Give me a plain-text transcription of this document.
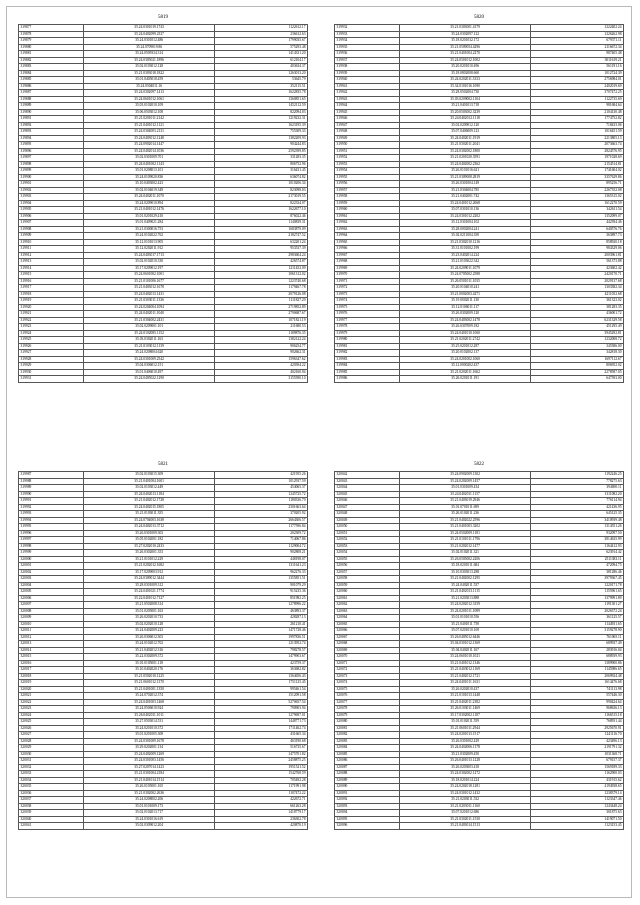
5819
319877	35.24.0301019.1743	1122612.17
319878	35.24.0402099.2337	236612.63
319879	35.24.0301012.486	1799035.67
319880	35.24.0709019.86	575293.48
319881	35.24.0509334.314	1414331.20
319882	35.24.0305021.1896	612104.17
319883	35.02.0103012.128	403634.37
319884	35.21.0303018.1822	1263013.20
319885	35.01.0405018.459	53645.79
319886	35.24.0504011.16	352115.51
319887	35.24.0302097.1413	1622835.78
319888	35.24.0601012.1061	1360851.65
319889	35.03.0102010.109	1452112.59
319890	35.06.0503012.108	822094.03
319891	35.21.0201011.2142	1219232.31
319892	35.21.0401012.1121	1623195.39
319893	35.24.0304003.2131	755309.33
319894	35.24.0403012.1248	1382209.93
319895	35.24.0902014.1447	904244.83
319896	35.24.0402014.1036	2592399.85
319897	35.02.0301009.701	331283.35
319898	35.24.0401002.1143	806752.96
319899	35.01.0208013.101	316431.45
319900	35.24.0109020.836	636074.82
319901	35.10.0403002.423	1010206.34
319902	35.02.0104019.349	823098.03
319903	35.24.0402011.1070	2173019.55
319904	35.24.0209010.894	822334.07
319905	35.21.0401012.1476	1622677.10
319906	35.01.0201029.410	876022.46
319907	35.01.0409021.284	1140839.31
319908	35.21.0300016.753	1683879.09
319909	35.24.0102022.762	2182747.52
319910	35.12.0101013.905	632201.24
319911	35.12.0202011.912	953537.39
319912	35.24.0403017.1713	2983604.24
319913	35.02.0102010.330	426574.87
319914	35.17.0209012.197	1211452.09
319915	35.24.0601002.1001	1061312.02
319916	35.21.0101006.1677	1223740.68
319917	35.21.0403012.1678	1179467.78
319918	35.24.0402013.1431	2079126.08
319919	35.21.0303011.1336	1111827.29
319920	35.24.0204004.1094	2719852.89
319921	35.24.0402011.1040	2790687.67
319922	35.21.0304002.2431	1071821.19
319923	35.02.0209001.101	211680.53
319924	35.24.0102085.1152	1189876.35
319925	35.03.0302011.163	1382122.24
319926	35.21.0103012.1139	906254.77
319927	35.24.0208004.620	902662.31
319928	35.24.0301009.2542	1596347.62
319929	35.04.0306012.151	420394.22
319930	35.01.0406010.497	402160.94
319931	35.24.0405022.1290	3155390.10
5820
319932	35.21.0303001.4179	1222402.24
319933	35.24.0302097.122	1226262.98
319934	35.18.0201032.172	679371.11
319935	35.21.0509054.4296	2116672.34
319936	35.21.0401004.2270	987405.48
319937	35.24.0501012.1002	3011619.21
319938	35.20.0201010.496	561191.16
319939	35.18.0802008.660	1012724.39
319940	35.24.0202011.3333	2756984.01
319941	35.34.0101016.1690	2402019.69
319942	35.28.0502004.730	3707472.25
319943	35.03.0209002.1104	1122735.69
319944	35.21.0401013.718	981684.64
319945	35.20.0503002.3239	2104130.48
319946	35.24.0402012.1118	1774752.82
319947	35.02.0209012.120	718433.06
319948	35.07.0406009.123	1016451.59
319949	35.24.0402011.1919	2213805.13
319950	35.21.0302011.2041	2073663.74
319951	35.24.0302002.1800	2824576.95
319952	35.21.0201020.3591	1971028.69
319953	35.24.0402002.2362	2154514.81
319954	35.26.0101016.621	1741604.02
319955	35.21.0309008.2819	3357629.86
319956	35.26.0301004.149	895256.71
319957	35.21.0304004.785	2267352.08
319958	35.21.0402001.742	1365315.02
319959	35.24.0401012.2668	1612270.59
319960	35.07.0301010.136	342611.54
319961	35.24.0301012.2202	1352099.07
319962	35.12.0301004.102	442394.46
319963	35.28.0002004.241	640576.76
319964	35.02.0211004.358	363897.73
319965	35.21.0302010.1216	858920.18
319966	35.31.0101002.199	984329.06
319967	35.23.0402014.224	2003961.81
319968	35.21.0103022.342	561373.88
319969	35.24.0209011.1079	423602.42
319970	35.24.0705002.2588	2420170.71
319971	35.26.0501011.1035	2029137.68
319972	35.20.0104010.241	1303382.34
319973	35.21.0002003.4271	4211052.68
319974	35.19.0002011.130	361323.02
319975	35.12.0106011.117	381283.35
319976	35.26.0302009.120	436001.72
319977	35.24.0403002.1478	6231329.58
319978	35.26.0307009.182	451295.49
319979	35.24.0401010.1060	3945292.81
319980	35.21.0202011.2742	1232008.72
319981	35.25.0201012.287	345386.00
319982	35.20.0102002.137	342818.30
319983	35.24.0201002.1060	1697112.67
319984	35.12.0000202.437	806952.02
319985	35.21.0202011.1662	2278587.05
319986	35.26.0201011.191	647393.00
5821
319987	35.02.0103015.309	421955.26
319988	35.21.0401004.1601	1012937.59
319989	35.02.0103012.449	454065.37
319990	35.24.0402013.1184	1245725.72
319991	35.21.0402012.1728	1180336.79
319992	35.24.0402015.1805	2301663.64
319993	35.21.0103011.355	370205.92
319994	35.24.0704003.1638	2664306.57
319995	35.24.0402013.3712	1177596.84
319996	35.26.0301009.303	202309.72
319997	35.05.0102001.182	714067.86
319998	35.27.0202010.2433	1129004.72
319999	35.26.0302001.353	902808.21
320000	35.21.0101012.229	448198.07
320001	35.21.0202012.1682	1311641.23
320002	35.17.0209003.912	962276.33
320003	35.24.0309012.3444	1355851.51
320004	35.28.0301009.312	901079.29
320005	35.24.0401021.1774	915235.36
320006	35.22.0401012.7127	851982.25
320007	35.21.0502008.314	1278996.22
320008	35.01.0205001.163	463893.37
320009	35.26.0202010.733	428287.13
320010	35.02.0202010.128	261210.41
320011	35.24.0402009.223	1471728.46
320012	35.26.0306012.303	1997836.51
320013	35.24.0102012.702	1213952.74
320014	35.21.0402012.316	798278.57
320015	35.22.0302009.372	1479903.67
320016	35.01.0105001.118	423759.37
320017	35.10.0402020.176	363682.82
320018	35.21.0502010.1225	1364656.43
320019	35.21.0601012.1370	1751125.45
320020	35.21.0401001.1350	995461.54
320021	35.24.0702012.374	1512091.58
320022	35.24.0401003.1468	5270657.54
320023	35.24.0506010.924	790903.94
320024	35.26.0402011.1011	1279697.01
320025	35.27.0503014.531	1448771.73
320026	35.24.0201010.372	1711462.74
320027	35.01.0201005.308	431665.34
320028	35.24.0301009.1678	463190.68
320029	35.29.0202001.134	516735.67
320030	35.24.0402009.1269	1475701.82
320031	35.24.0301003.1456	2458875.25
320032	35.27.0207014.1423	1951521.52
320033	35.21.0301004.2184	1542768.59
320034	35.21.0401014.1514	705492.28
320035	35.26.0105001.165	1171991.98
320036	35.21.0302002.2636	1107472.22
320037	35.24.0208002.206	422672.71
320038	35.01.0101009.173	661263.28
320039	35.02.0102013.717	1418779.17
320040	35.24.0301016.619	236302.78
320041	35.02.0309012.204	420870.19
5822
320042	35.24.0902009.1302	1192246.25
320043	35.24.0202009.1457	778275.63
320044	35.01.0301009.434	394690.11
320045	35.24.0402011.1157	1311082.20
320046	35.21.0403019.2946	776114.94
320047	35.01.0701011.699	421436.95
320048	35.26.0102011.236	645125.35
320049	35.21.0402022.2596	3410939.48
320050	35.21.0401003.3202	1314551.26
320051	35.24.0502009.1181	932097.50
320052	35.21.0101011.1796	3814635.99
320053	35.21.0202012.1477	1164412.93
320054	35.02.0102011.321	623914.42
320055	35.26.0505002.2206	2511383.11
320056	35.18.0201011.684	472094.75
320057	35.10.0303013.288	381286.46
320058	35.21.0402002.1295	3979367.45
320059	35.24.0402011.537	1220171.78
320060	35.21.0402013.1115	1155961.65
320061	35.21.0203013.888	1379991.89
320062	35.24.0202012.3159	1191301.27
320063	35.24.0201011.1089	2026372.24
320064	35.01.0101010.556	361125.57
320065	35.21.0401011.758	1144931.65
320066	35.07.0201010.169	3159278.90
320067	35.26.0405012.6446	761065.11
320068	35.04.0301012.1369	689937.49
320069	35.04.0402011.167	283916.04
320070	35.24.0601010.1021	688939.93
320071	35.21.0401012.1346	1389900.86
320072	35.21.0403012.1169	1145986.65
320073	35.21.0402012.1721	2069924.48
320074	35.24.0401011.1631	1614476.68
320075	35.26.0202010.437	741113.98
320076	35.21.0101013.1448	557446.30
320077	35.21.0402011.2382	990424.64
320078	35.26.0103011.1469	968636.13
320079	35.17.0302002.1187	1166515.18
320080	35.01.0102011.559	768931.44
320081	35.21.0601011.2944	2925670.91
320082	35.24.0201013.1517	1241116.70
320083	35.26.0301002.429	423496.13
320084	35.24.0402006.1178	2191791.32
320085	35.21.0302009.450	1031368.71
320086	35.26.0401013.1228	679157.37
320087	35.26.0203003.418	1569189.33
320088	35.24.0302002.1272	1162900.03
320089	35.18.0201014.224	431915.62
320090	35.24.0202018.1281	4194938.65
320091	35.24.0301012.1432	1238379.14
320092	35.21.0203011.532	1123347.46
320093	35.21.0203011.1160	1243448.24
320094	35.07.0201012.686	301875.63
320095	35.21.0302011.1530	1419071.50
320096	35.21.0403014.1513	1123153.45
